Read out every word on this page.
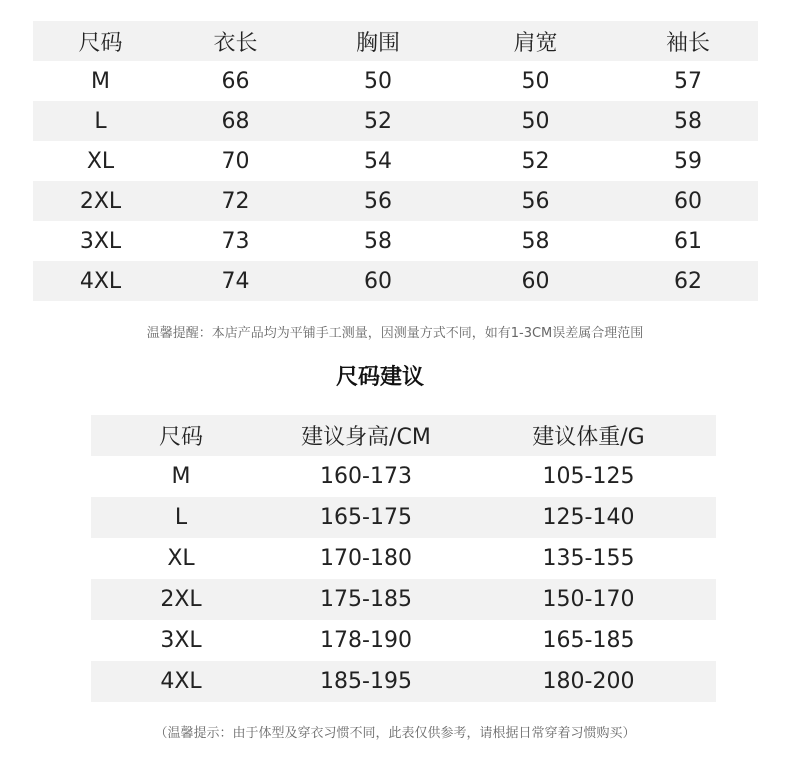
尺码	衣长	胸围	肩宽	袖长
M	66	50	50	57
L	68	52	50	58
XL	70	54	52	59
2XL	72	56	56	60
3XL	73	58	58	61
4XL	74	60	60	62
温馨提醒：本店产品均为平铺手工测量，因测量方式不同，如有1-3CM误差属合理范围
尺码建议
尺码	建议身高/CM	建议体重/G
M	160-173	105-125
L	165-175	125-140
XL	170-180	135-155
2XL	175-185	150-170
3XL	178-190	165-185
4XL	185-195	180-200
（温馨提示：由于体型及穿衣习惯不同，此表仅供参考，请根据日常穿着习惯购买）
